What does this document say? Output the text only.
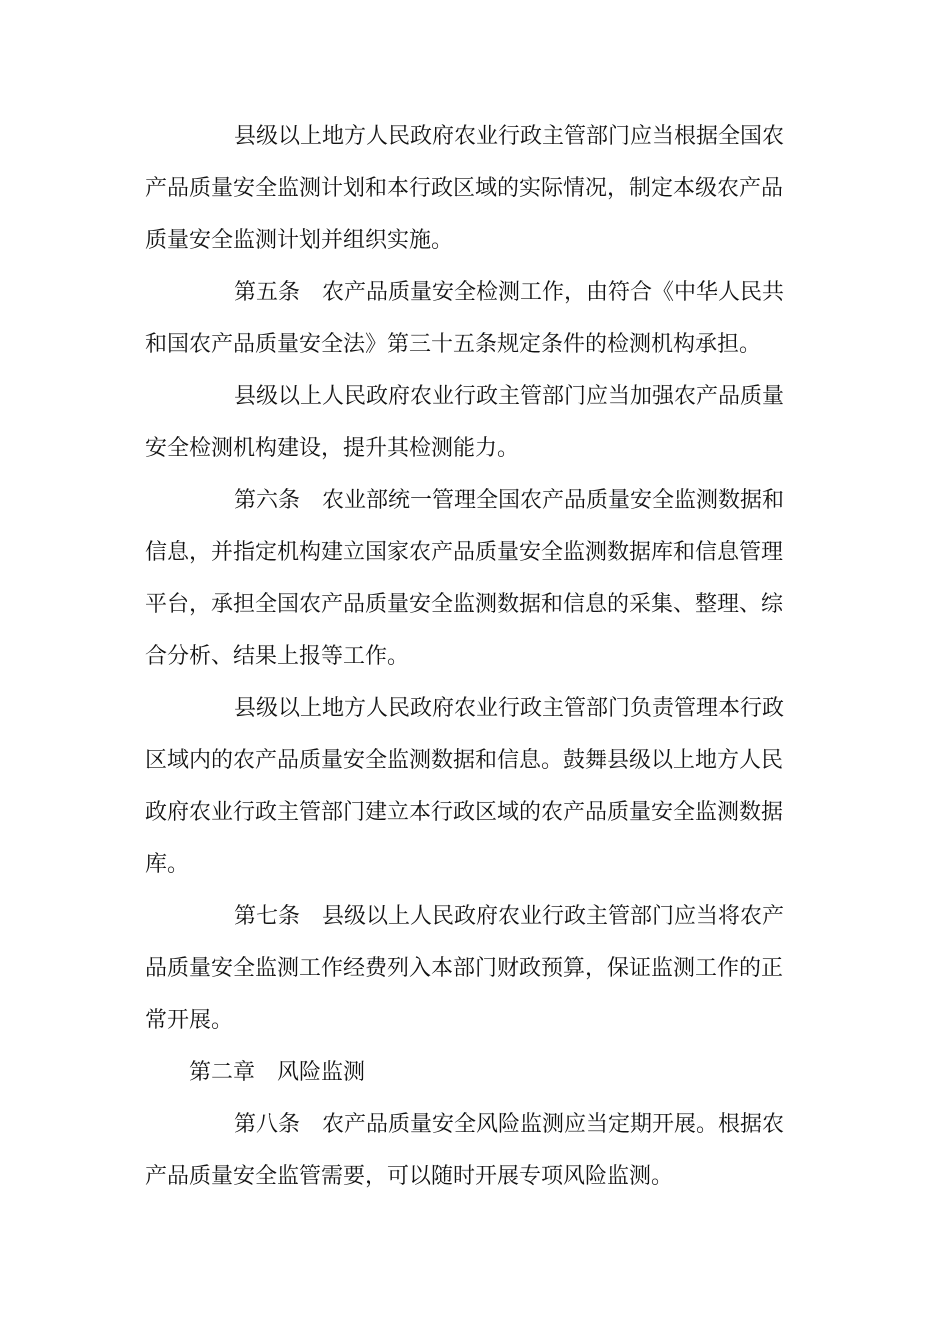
县级以上地方人民政府农业行政主管部门应当根据全国农
产品质量安全监测计划和本行政区域的实际情况，制定本级农产品
质量安全监测计划并组织实施。
第五条　农产品质量安全检测工作，由符合《中华人民共
和国农产品质量安全法》第三十五条规定条件的检测机构承担。
县级以上人民政府农业行政主管部门应当加强农产品质量
安全检测机构建设，提升其检测能力。
第六条　农业部统一管理全国农产品质量安全监测数据和
信息，并指定机构建立国家农产品质量安全监测数据库和信息管理
平台，承担全国农产品质量安全监测数据和信息的采集、整理、综
合分析、结果上报等工作。
县级以上地方人民政府农业行政主管部门负责管理本行政
区域内的农产品质量安全监测数据和信息。鼓舞县级以上地方人民
政府农业行政主管部门建立本行政区域的农产品质量安全监测数据
库。
第七条　县级以上人民政府农业行政主管部门应当将农产
品质量安全监测工作经费列入本部门财政预算，保证监测工作的正
常开展。
第二章　风险监测
第八条　农产品质量安全风险监测应当定期开展。根据农
产品质量安全监管需要，可以随时开展专项风险监测。
